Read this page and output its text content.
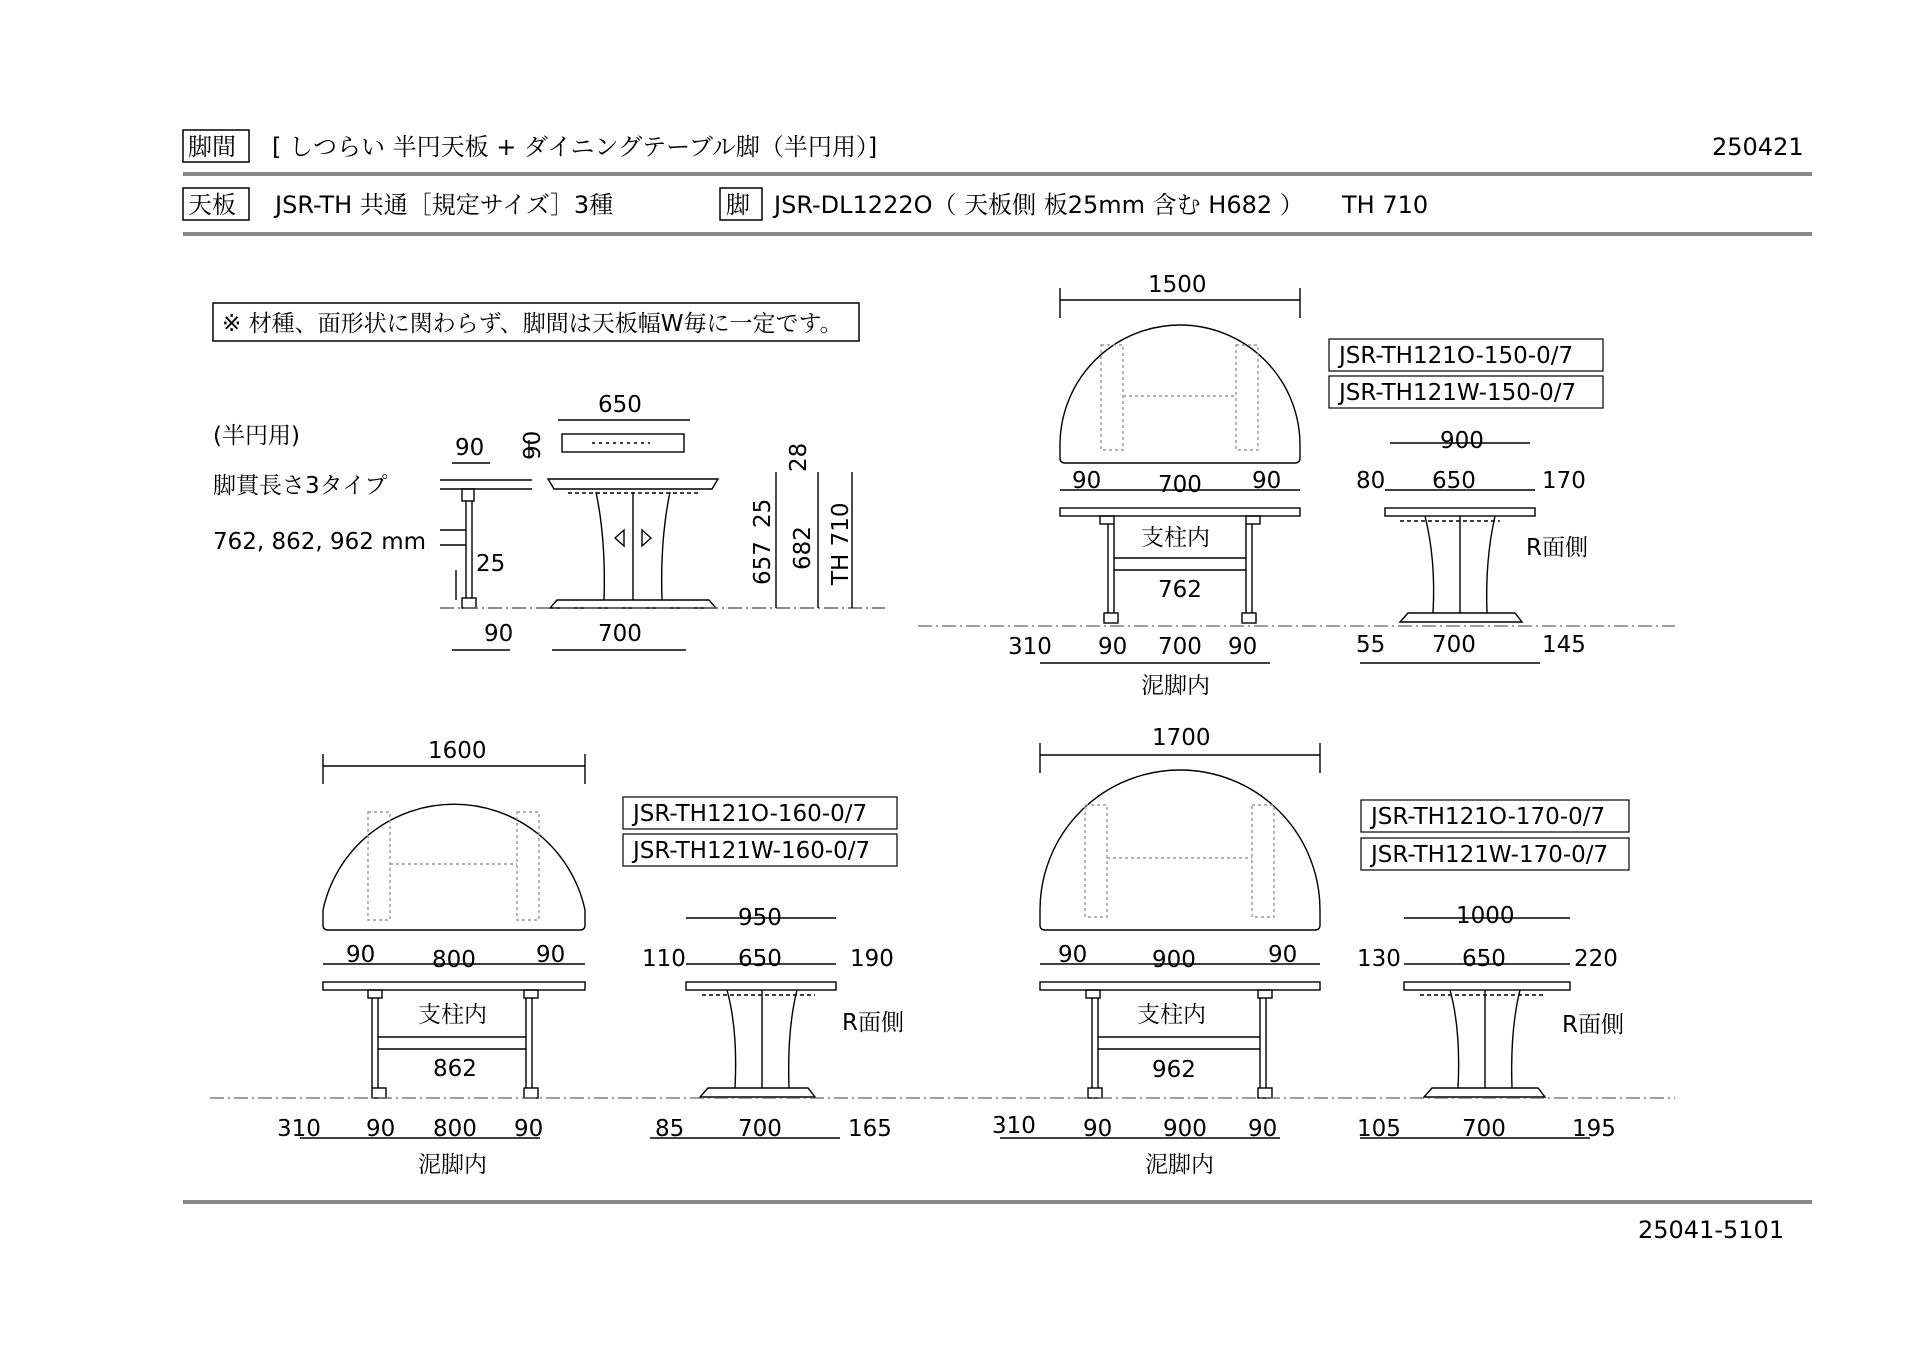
脚間 [ しつらい 半円天板 + ダイニングテーブル脚（半円用）]	250421
天板 JSR-TH 共通［規定サイズ］3種	脚 JSR-DL1222O（ 天板側 板25mm 含む H682 ） TH 710
※ 材種、面形状に関わらず、脚間は天板幅W毎に一定です。
(半円用)
脚貫長さ3タイプ
762, 862, 962 mm
650
90 90
25
28
25
657 682 TH 710
90	700
1500
JSR-TH121O-150-0/7
JSR-TH121W-150-0/7
90 700 90
支柱内
762
310 90 700 90
泥脚内
900
80 650	170
R面側
55 700	145
1600
JSR-TH121O-160-0/7
JSR-TH121W-160-0/7
90 800	90
支柱内
862
310 90 800 90
泥脚内
950
110 650	190
R面側
85 700	165
1700
JSR-TH121O-170-0/7
JSR-TH121W-170-0/7
90	900	90
支柱内
962
310 90 900 90
泥脚内
1000
130	650	220
R面側
105	700	195
25041-5101
